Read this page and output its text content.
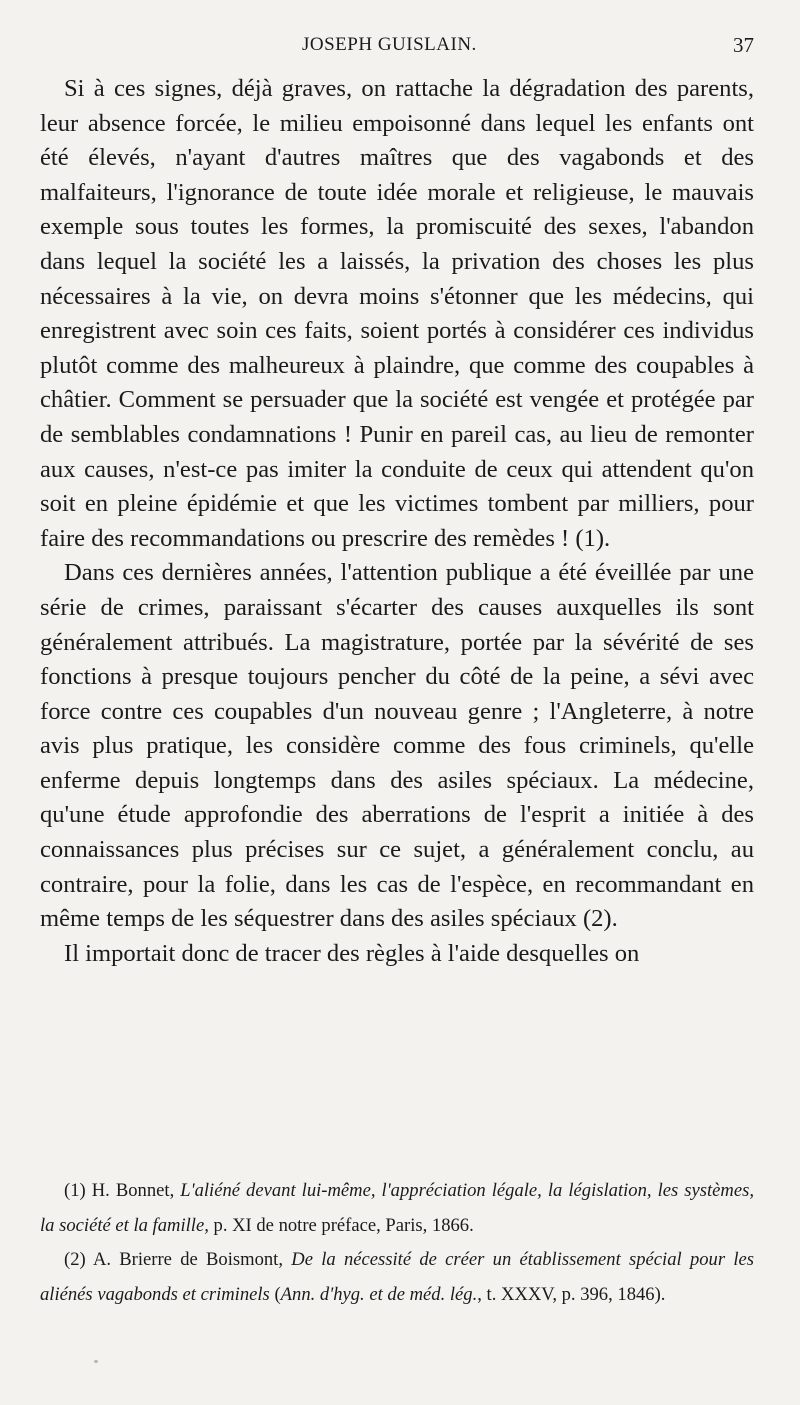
JOSEPH GUISLAIN.	37

Si à ces signes, déjà graves, on rattache la dégradation des parents, leur absence forcée, le milieu empoisonné dans lequel les enfants ont été élevés, n'ayant d'autres maîtres que des vagabonds et des malfaiteurs, l'ignorance de toute idée morale et religieuse, le mauvais exemple sous toutes les formes, la promiscuité des sexes, l'abandon dans lequel la société les a laissés, la privation des choses les plus nécessaires à la vie, on devra moins s'étonner que les médecins, qui enregistrent avec soin ces faits, soient portés à considérer ces individus plutôt comme des malheureux à plaindre, que comme des coupables à châtier. Comment se persuader que la société est vengée et protégée par de semblables condamnations ! Punir en pareil cas, au lieu de remonter aux causes, n'est-ce pas imiter la conduite de ceux qui attendent qu'on soit en pleine épidémie et que les victimes tombent par milliers, pour faire des recommandations ou prescrire des remèdes ! (1).

Dans ces dernières années, l'attention publique a été éveillée par une série de crimes, paraissant s'écarter des causes auxquelles ils sont généralement attribués. La magistrature, portée par la sévérité de ses fonctions à presque toujours pencher du côté de la peine, a sévi avec force contre ces coupables d'un nouveau genre ; l'Angleterre, à notre avis plus pratique, les considère comme des fous criminels, qu'elle enferme depuis longtemps dans des asiles spéciaux. La médecine, qu'une étude approfondie des aberrations de l'esprit a initiée à des connaissances plus précises sur ce sujet, a généralement conclu, au contraire, pour la folie, dans les cas de l'espèce, en recommandant en même temps de les séquestrer dans des asiles spéciaux (2).

Il importait donc de tracer des règles à l'aide desquelles on

(1) H. Bonnet, L'aliéné devant lui-même, l'appréciation légale, la législation, les systèmes, la société et la famille, p. XI de notre préface, Paris, 1866.

(2) A. Brierre de Boismont, De la nécessité de créer un établissement spécial pour les aliénés vagabonds et criminels (Ann. d'hyg. et de méd. lég., t. XXXV, p. 396, 1846).
